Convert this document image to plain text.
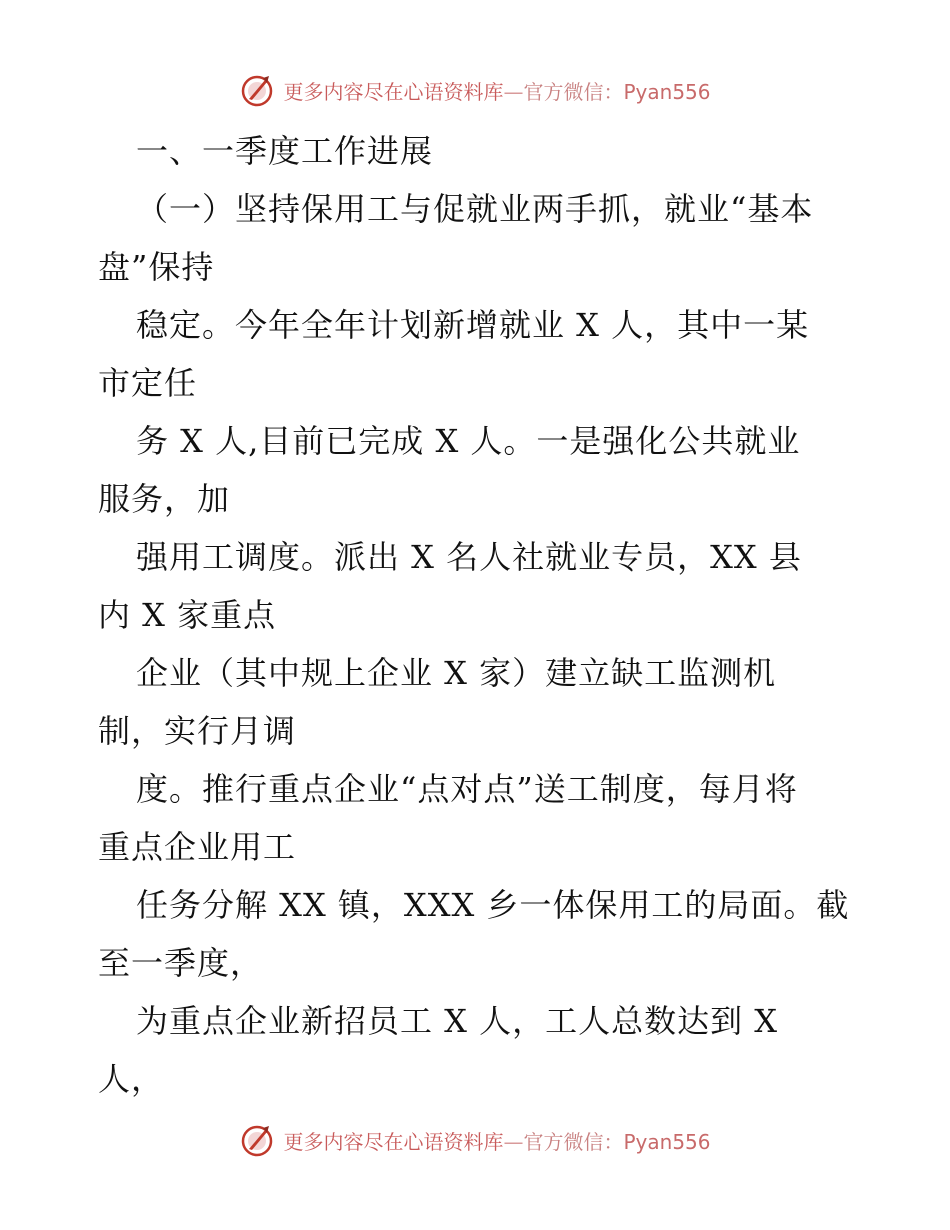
更多内容尽在心语资料库—官方微信：Pyan556
一、一季度工作进展
（一）坚持保用工与促就业两手抓，就业“基本
盘”保持
稳定。今年全年计划新增就业 X 人，其中一某
市定任
务 X 人,目前已完成 X 人。一是强化公共就业
服务，加
强用工调度。派出 X 名人社就业专员，XX 县
内 X 家重点
企业（其中规上企业 X 家）建立缺工监测机
制，实行月调
度。推行重点企业“点对点”送工制度，每月将
重点企业用工
任务分解 XX 镇，XXX 乡一体保用工的局面。截
至一季度，
为重点企业新招员工 X 人，工人总数达到 X
人，
更多内容尽在心语资料库—官方微信：Pyan556
